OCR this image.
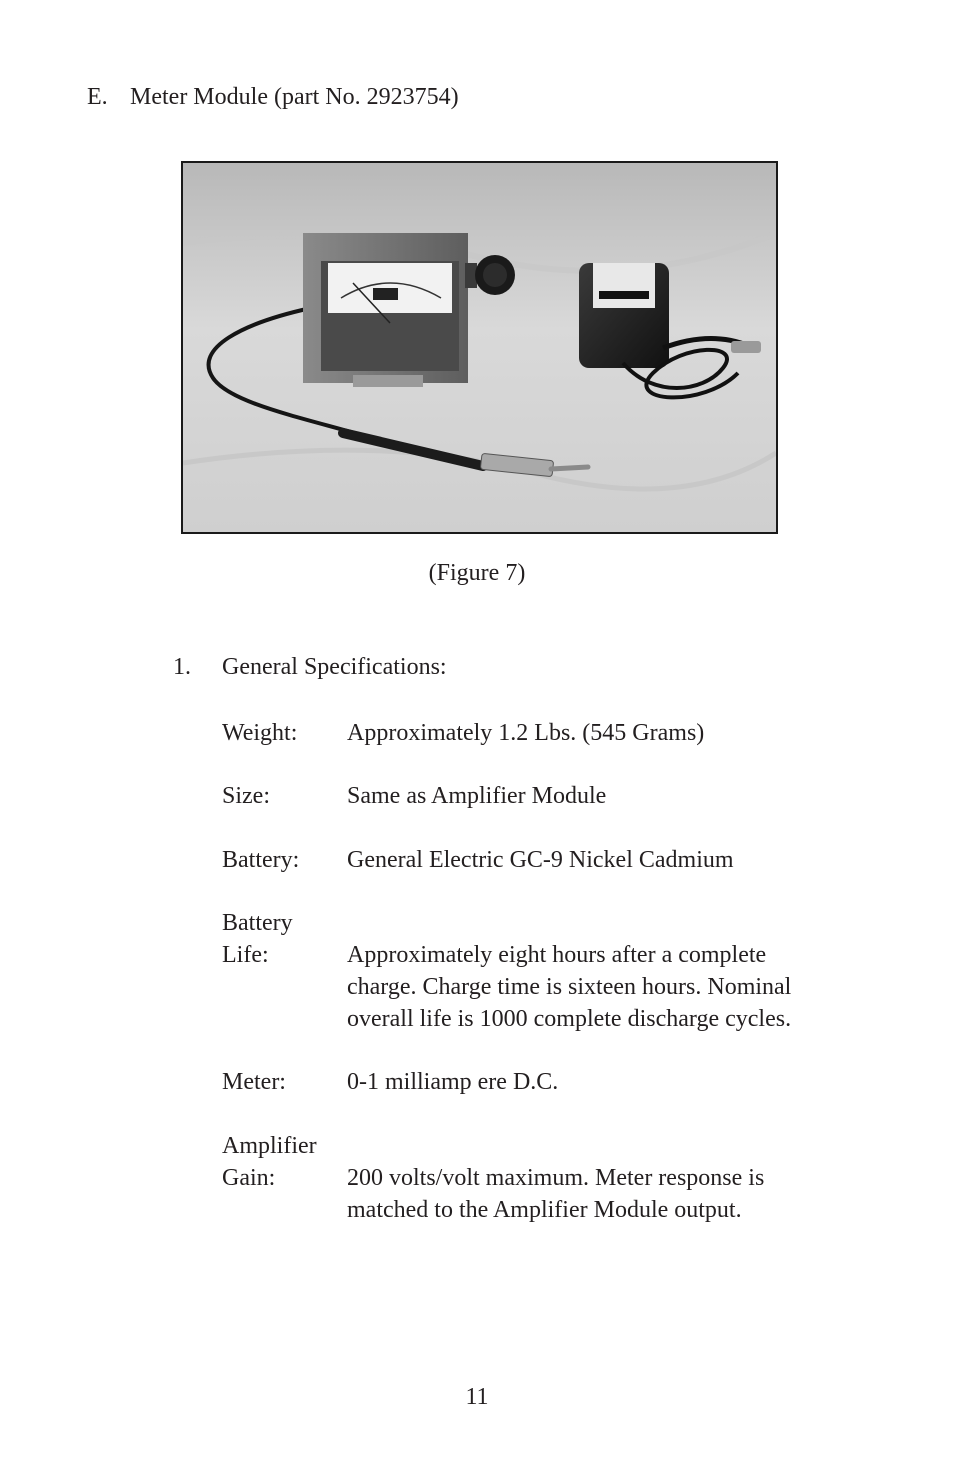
E. Meter Module (part No. 2923754)

(Figure 7)

1. General Specifications:

Weight: Approximately 1.2 Lbs. (545 Grams)

Size:	Same as Amplifier Module

Battery: General Electric GC-9 Nickel Cadmium

Battery

Life:	Approximately eight hours after a complete

charge. Charge time is sixteen hours. Nominal

overall life is 1000 complete discharge cycles.

Meter:	0-1 milliamp ere D.C.

Amplifier

Gain:	200 volts/volt maximum. Meter response is

matched to the Amplifier Module output.

11
